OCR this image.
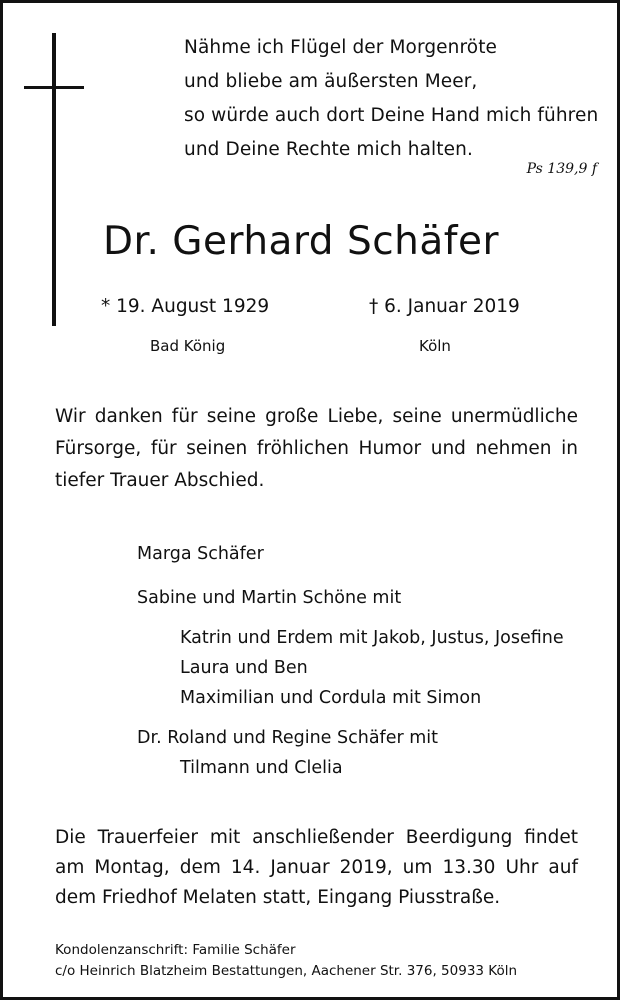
Nähme ich Flügel der Morgenröte
und bliebe am äußersten Meer,
so würde auch dort Deine Hand mich führen
und Deine Rechte mich halten.
Ps 139,9 f
Dr. Gerhard Schäfer
* 19. August 1929	† 6. Januar 2019
Bad König	Köln
Wir danken für seine große Liebe, seine unermüdliche
Fürsorge, für seinen fröhlichen Humor und nehmen in
tiefer Trauer Abschied.
Marga Schäfer
Sabine und Martin Schöne mit
Katrin und Erdem mit Jakob, Justus, Josefine
Laura und Ben
Maximilian und Cordula mit Simon
Dr. Roland und Regine Schäfer mit
Tilmann und Clelia
Die Trauerfeier mit anschließender Beerdigung findet
am Montag, dem 14. Januar 2019, um 13.30 Uhr auf
dem Friedhof Melaten statt, Eingang Piusstraße.
Kondolenzanschrift: Familie Schäfer
c/o Heinrich Blatzheim Bestattungen, Aachener Str. 376, 50933 Köln
